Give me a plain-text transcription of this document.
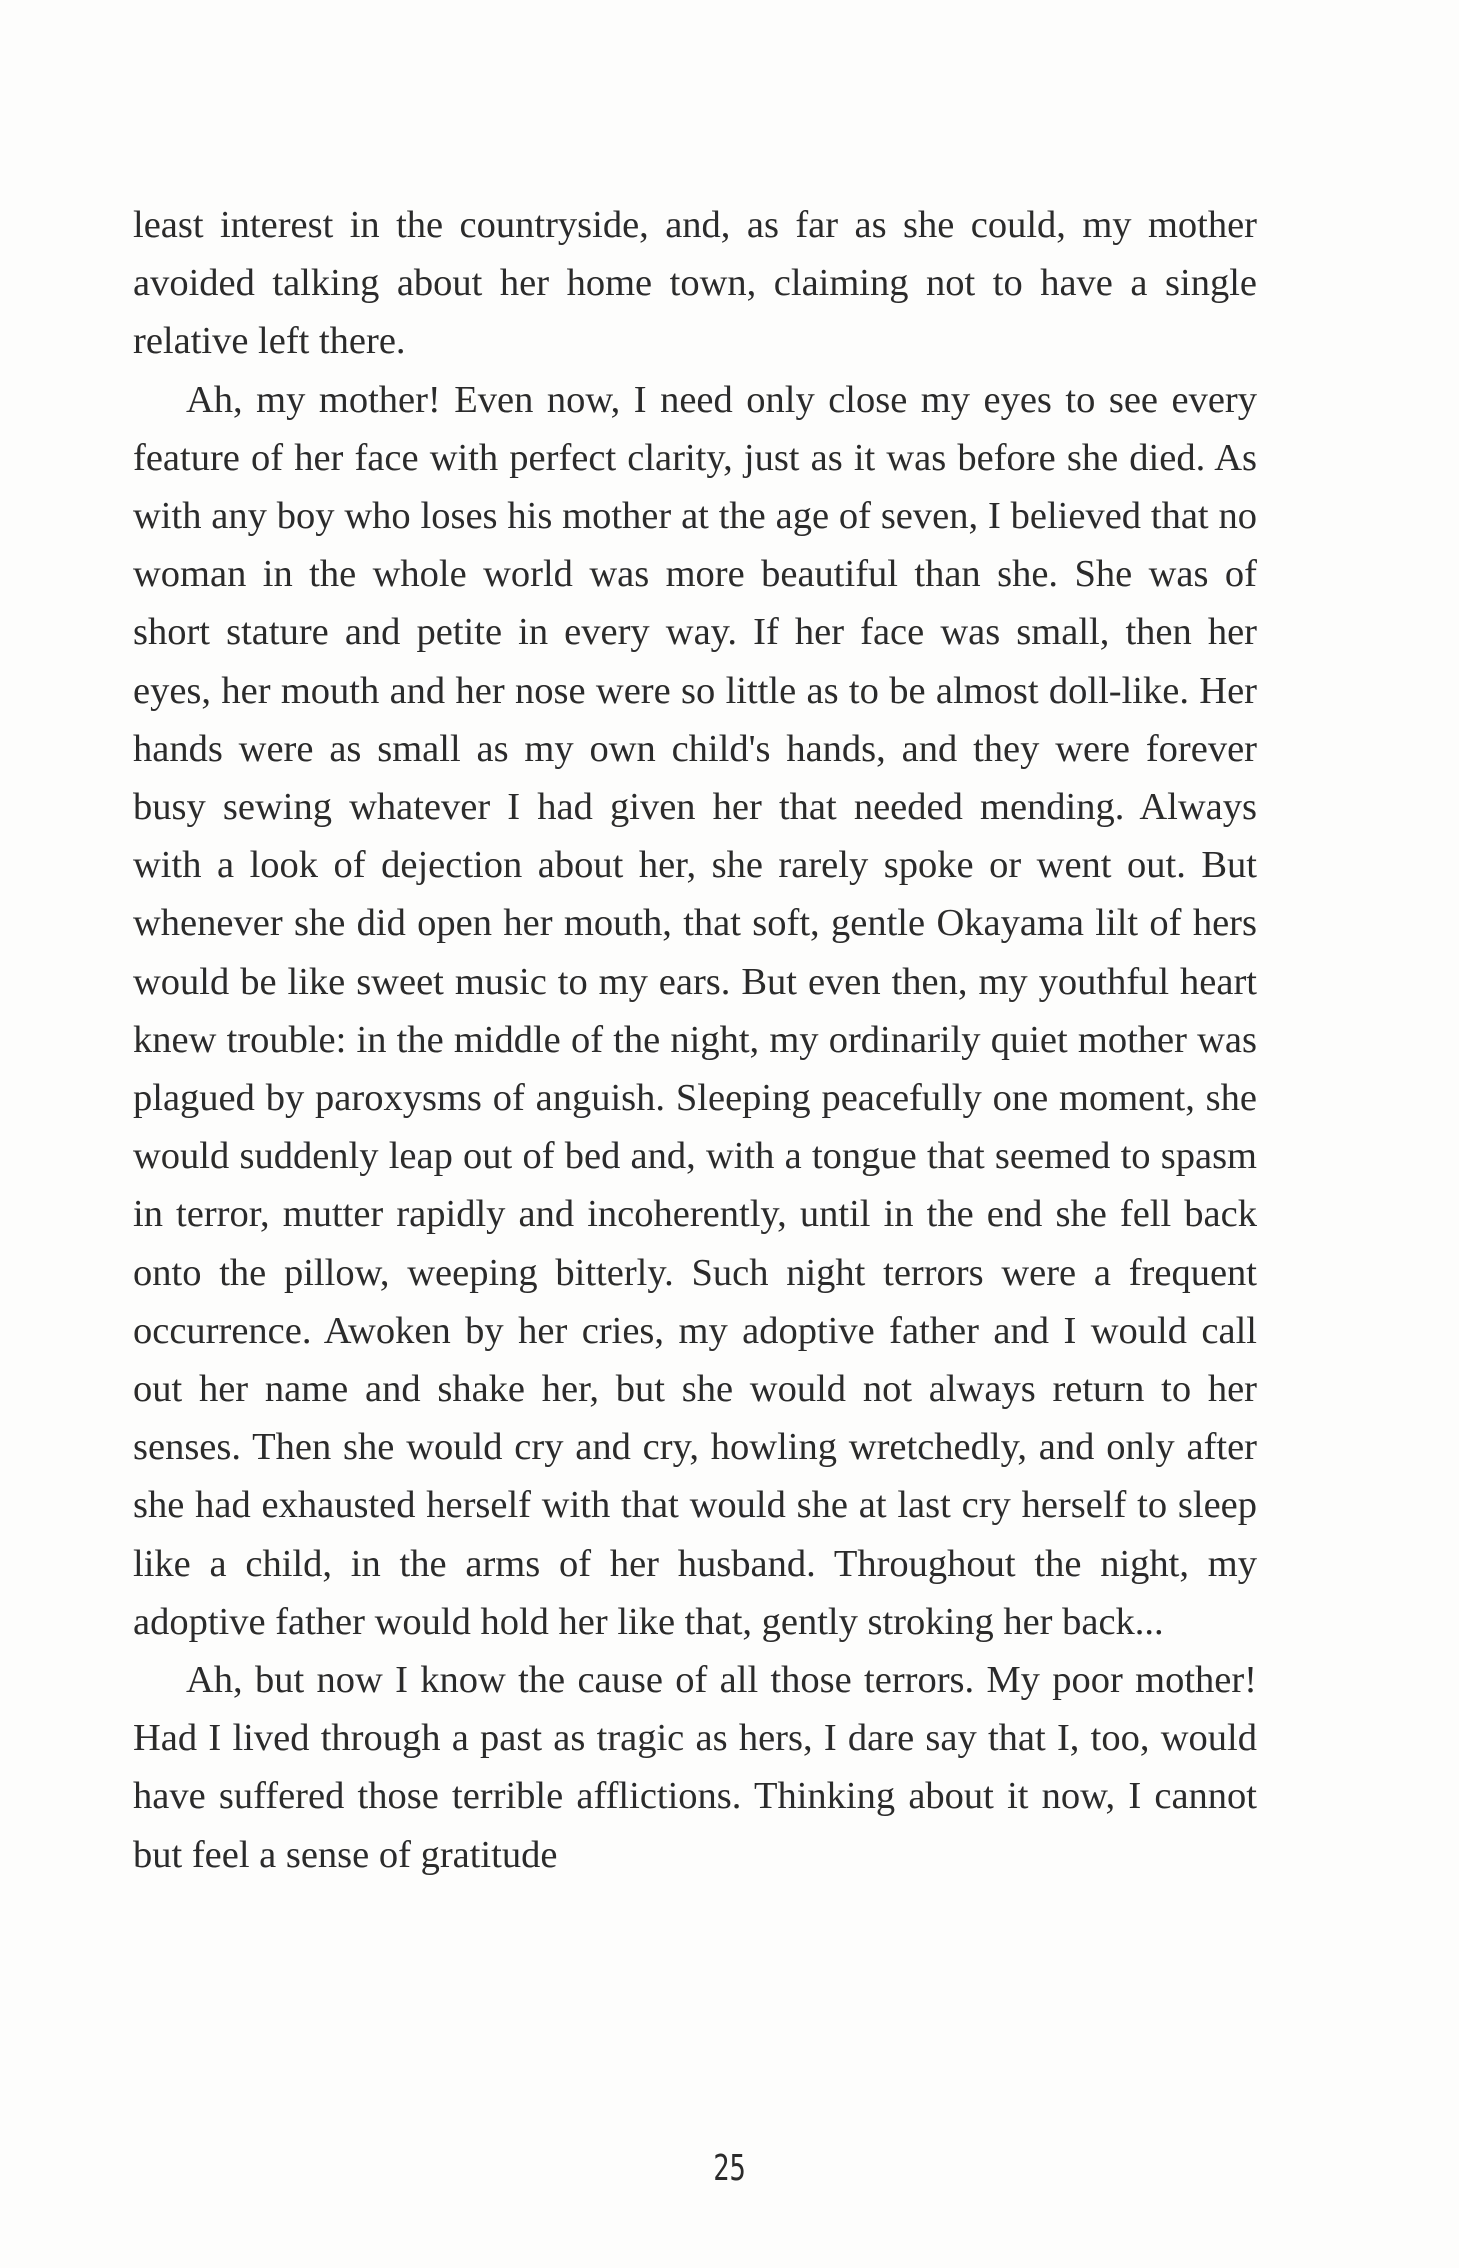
least interest in the countryside, and, as far as she could, my mother avoided talking about her home town, claiming not to have a single relative left there.

Ah, my mother! Even now, I need only close my eyes to see every feature of her face with perfect clarity, just as it was before she died. As with any boy who loses his mother at the age of seven, I believed that no woman in the whole world was more beautiful than she. She was of short stature and petite in every way. If her face was small, then her eyes, her mouth and her nose were so little as to be almost doll-like. Her hands were as small as my own child's hands, and they were forever busy sewing whatever I had given her that needed mending. Always with a look of dejection about her, she rarely spoke or went out. But whenever she did open her mouth, that soft, gentle Okayama lilt of hers would be like sweet music to my ears. But even then, my youthful heart knew trouble: in the middle of the night, my ordinarily quiet mother was plagued by paroxysms of anguish. Sleeping peacefully one moment, she would suddenly leap out of bed and, with a tongue that seemed to spasm in terror, mutter rapidly and incoherently, until in the end she fell back onto the pillow, weeping bitterly. Such night terrors were a frequent occurrence. Awoken by her cries, my adoptive father and I would call out her name and shake her, but she would not always return to her senses. Then she would cry and cry, howling wretchedly, and only after she had exhausted herself with that would she at last cry herself to sleep like a child, in the arms of her husband. Throughout the night, my adoptive father would hold her like that, gently stroking her back...

Ah, but now I know the cause of all those terrors. My poor mother! Had I lived through a past as tragic as hers, I dare say that I, too, would have suffered those terrible afflictions. Thinking about it now, I cannot but feel a sense of gratitude

25
